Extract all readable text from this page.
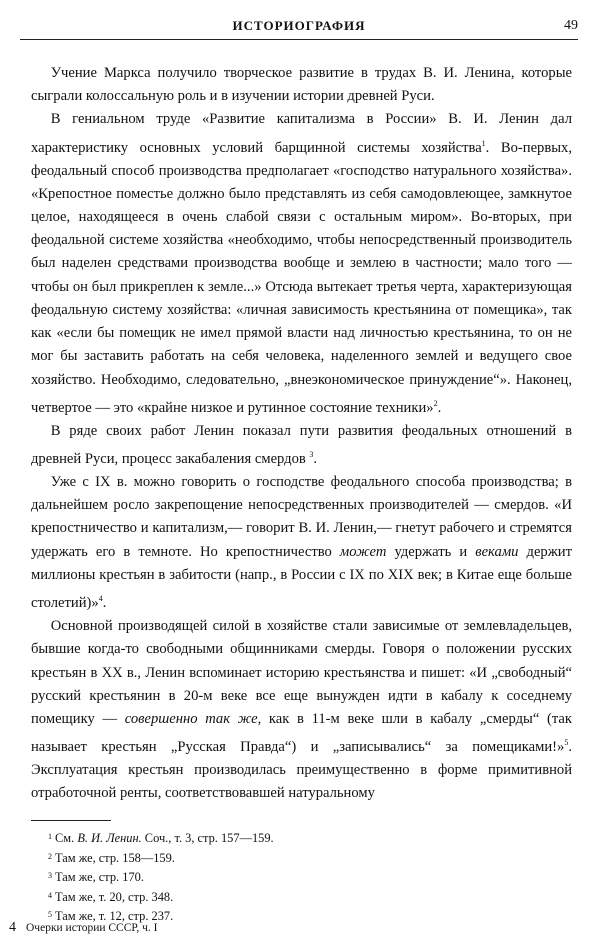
ИСТОРИОГРАФИЯ	49

Учение Маркса получило творческое развитие в трудах В. И. Ленина, которые сыграли колоссальную роль и в изучении истории древней Руси.

В гениальном труде «Развитие капитализма в России» В. И. Ленин дал характеристику основных условий барщинной системы хозяйства$^1$. Во-первых, феодальный способ производства предполагает «господство натурального хозяйства». «Крепостное поместье должно было представлять из себя самодовлеющее, замкнутое целое, находящееся в очень слабой связи с остальным миром». Во-вторых, при феодальной системе хозяйства «необходимо, чтобы непосредственный производитель был наделен средствами производства вообще и землею в частности; мало того — чтобы он был прикреплен к земле...» Отсюда вытекает третья черта, характеризующая феодальную систему хозяйства: «личная зависимость крестьянина от помещика», так как «если бы помещик не имел прямой власти над личностью крестьянина, то он не мог бы заставить работать на себя человека, наделенного землей и ведущего свое хозяйство. Необходимо, следовательно, „внеэкономическое принуждение“». Наконец, четвертое — это «крайне низкое и рутинное состояние техники»$^2$.

В ряде своих работ Ленин показал пути развития феодальных отношений в древней Руси, процесс закабаления смердов $^3$.

Уже с IX в. можно говорить о господстве феодального способа производства; в дальнейшем росло закрепощение непосредственных производителей — смердов. «И крепостничество и капитализм,— говорит В. И. Ленин,— гнетут рабочего и стремятся удержать его в темноте. Но крепостничество может удержать и веками держит миллионы крестьян в забитости (напр., в России с IX по XIX век; в Китае еще больше столетий)»$^4$.

Основной производящей силой в хозяйстве стали зависимые от землевладельцев, бывшие когда-то свободными общинниками смерды. Говоря о положении русских крестьян в XX в., Ленин вспоминает историю крестьянства и пишет: «И „свободный“ русский крестьянин в 20-м веке все еще вынужден идти в кабалу к соседнему помещику — совершенно так же, как в 11-м веке шли в кабалу „смерды“ (так называет крестьян „Русская Правда“) и „записывались“ за помещиками!»$^5$. Эксплуатация крестьян производилась преимущественно в форме примитивной отработочной ренты, соответствовавшей натуральному

$^1$ См. В. И. Ленин. Соч., т. 3, стр. 157—159.

$^2$ Там же, стр. 158—159.

$^3$ Там же, стр. 170.

$^4$ Там же, т. 20, стр. 348.

$^5$ Там же, т. 12, стр. 237.

4 Очерки истории СССР, ч. I
